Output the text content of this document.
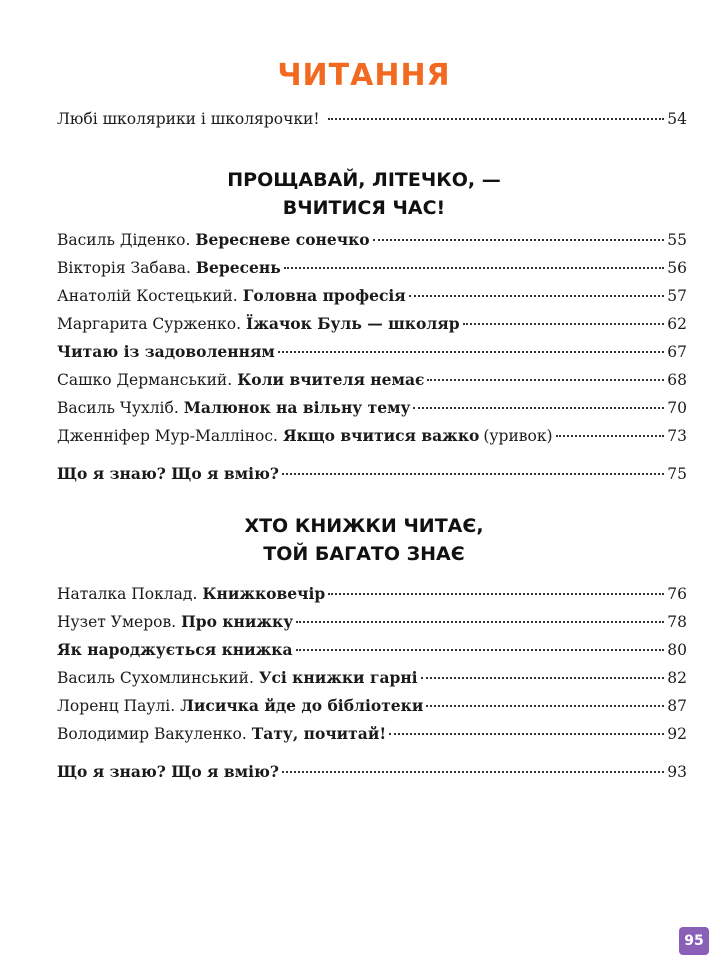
ЧИТАННЯ
Любі школярики і школярочки!	54
ПРОЩАВАЙ, ЛІТЕЧКО, —
ВЧИТИСЯ ЧАС!
Василь Діденко. Вересневе сонечко	55
Вікторія Забава. Вересень	56
Анатолій Костецький. Головна професія	57
Маргарита Сурженко. Їжачок Буль — школяр	62
Читаю із задоволенням	67
Сашко Дерманський. Коли вчителя немає	68
Василь Чухліб. Малюнок на вільну тему	70
Дженніфер Мур-Маллінос. Якщо вчитися важко (уривок)	73
Що я знаю? Що я вмію?	75
ХТО КНИЖКИ ЧИТАЄ,
ТОЙ БАГАТО ЗНАЄ
Наталка Поклад. Книжковечір	76
Нузет Умеров. Про книжку	78
Як народжується книжка	80
Василь Сухомлинський. Усі книжки гарні	82
Лоренц Паулі. Лисичка йде до бібліотеки	87
Володимир Вакуленко. Тату, почитай!	92
Що я знаю? Що я вмію?	93
95
